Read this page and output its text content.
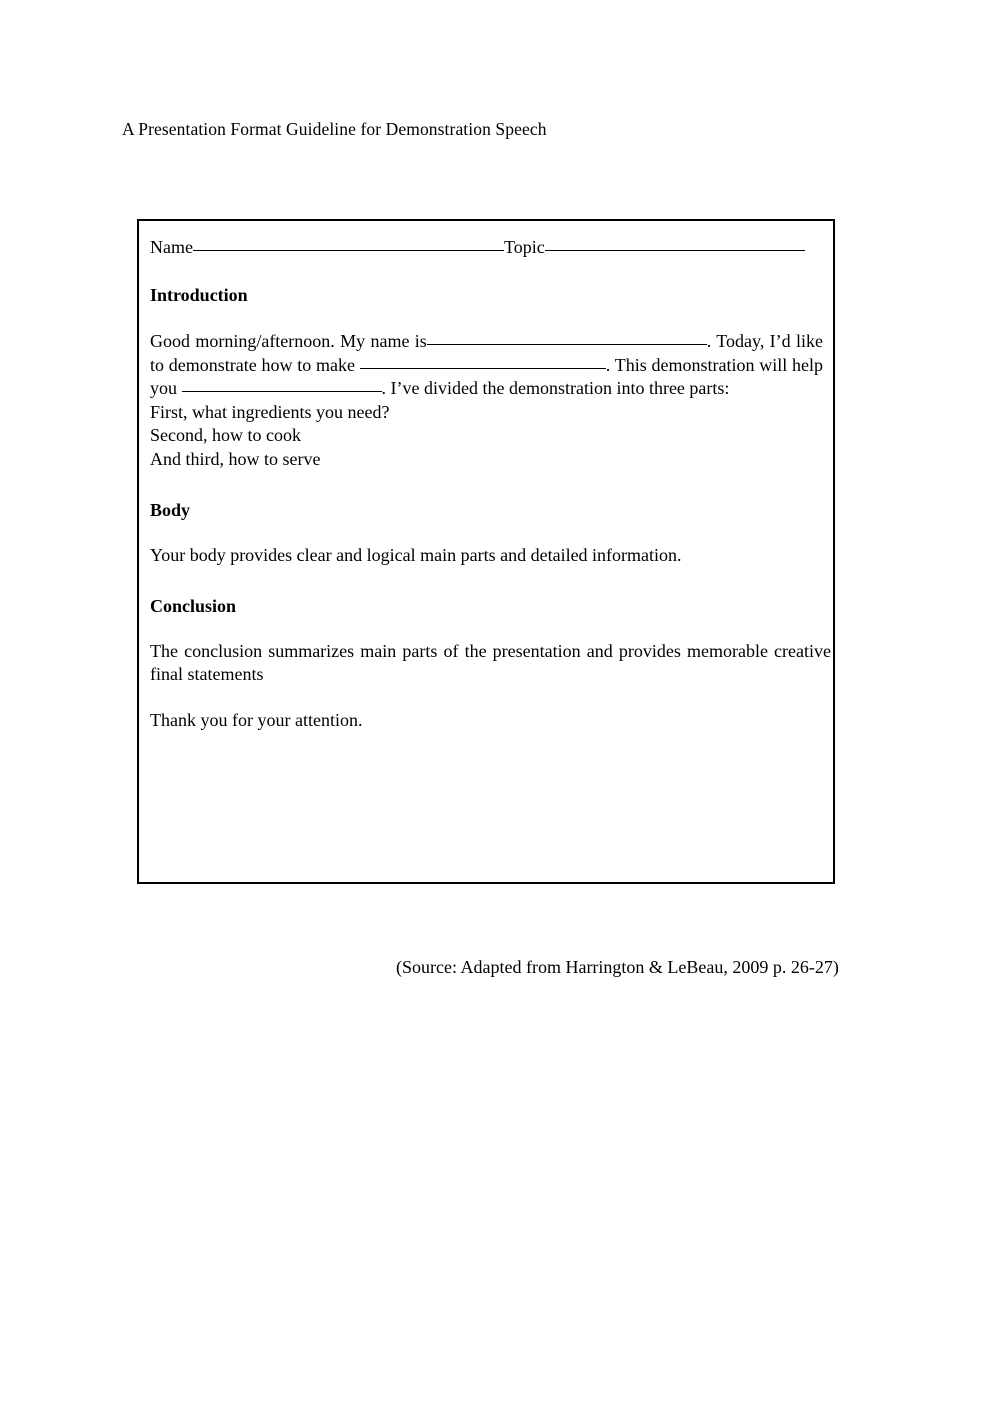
A Presentation Format Guideline for Demonstration Speech
Name	Topic
Introduction

Good morning/afternoon. My name is	. Today, I’d like to demonstrate how to make	. This demonstration will help you	. I’ve divided the demonstration into three parts:

First, what ingredients you need?
Second, how to cook
And third, how to serve
Body

Your body provides clear and logical main parts and detailed information.

Conclusion

The conclusion summarizes main parts of the presentation and provides memorable creative final statements

Thank you for your attention.

(Source: Adapted from Harrington & LeBeau, 2009 p. 26-27)
